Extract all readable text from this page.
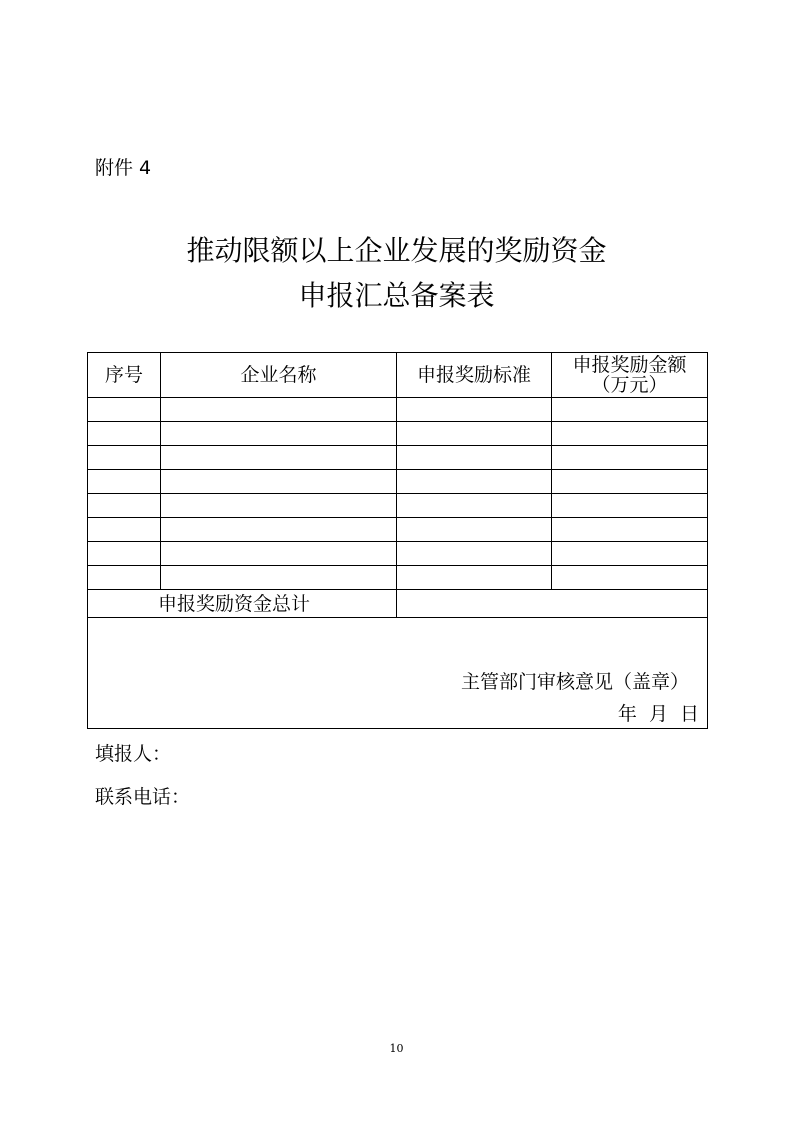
附件 4
推动限额以上企业发展的奖励资金
申报汇总备案表
序号	企业名称	申报奖励标准	申报奖励金额
（万元）

申报奖励资金总计			

主管部门审核意见（盖章）
年 月 日			
填报人：
联系电话：
10
